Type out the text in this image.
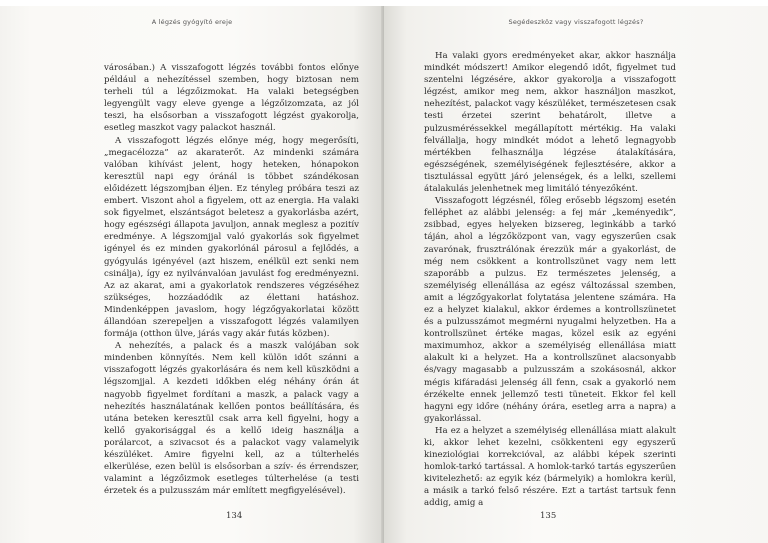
A légzés gyógyító ereje

városában.) A visszafogott légzés további fontos előnye például a nehezítéssel szemben, hogy biztosan nem terheli túl a légzőizmokat. Ha valaki betegségben legyengült vagy eleve gyenge a légzőizomzata, az jól teszi, ha elsősorban a visszafogott légzést gyakorolja, esetleg maszkot vagy palackot használ.

A visszafogott légzés előnye még, hogy megerősíti, „megacélozza” az akaraterőt. Az mindenki számára valóban kihívást jelent, hogy heteken, hónapokon keresztül napi egy óránál is többet szándékosan előidézett légszomjban éljen. Ez tényleg próbára teszi az embert. Viszont ahol a figyelem, ott az energia. Ha valaki sok figyelmet, elszántságot beletesz a gyakorlásba azért, hogy egészségi állapota javuljon, annak meglesz a pozitív eredménye. A légszomjjal való gyakorlás sok figyelmet igényel és ez minden gyakorlónál párosul a fejlődés, a gyógyulás igényével (azt hiszem, enélkül ezt senki nem csinálja), így ez nyilvánvalóan javulást fog eredményezni. Az az akarat, ami a gyakorlatok rendszeres végzéséhez szükséges, hozzáadódik az élettani hatáshoz. Mindenképpen javaslom, hogy légzőgyakorlatai között állandóan szerepeljen a visszafogott légzés valamilyen formája (otthon ülve, járás vagy akár futás közben).

A nehezítés, a palack és a maszk valójában sok mindenben könnyítés. Nem kell külön időt szánni a visszafogott légzés gyakorlására és nem kell küszködni a légszomjjal. A kezdeti időkben elég néhány órán át nagyobb figyelmet fordítani a maszk, a palack vagy a nehezítés használatának kellően pontos beállítására, és utána beteken keresztül csak arra kell figyelni, hogy a kellő gyakorisággal és a kellő ideig használja a porálarcot, a szivacsot és a palackot vagy valamelyik készüléket. Amire figyelni kell, az a túlterhelés elkerülése, ezen belül is elsősorban a szív- és érrendszer, valamint a légzőizmok esetleges túlterhelése (a testi érzetek és a pulzusszám már említett megfigyelésével).

134
Segédeszköz vagy visszafogott légzés?

Ha valaki gyors eredményeket akar, akkor használja mindkét módszert! Amikor elegendő időt, figyelmet tud szentelni légzésére, akkor gyakorolja a visszafogott légzést, amikor meg nem, akkor használjon maszkot, nehezítést, palackot vagy készüléket, természetesen csak testi érzetei szerint behatárolt, illetve a pulzusméréssekkel megállapított mértékig. Ha valaki felvállalja, hogy mindkét módot a lehető legnagyobb mértékben felhasználja légzése átalakítására, egészségének, személyiségének fejlesztésére, akkor a tisztulással együtt járó jelenségek, és a lelki, szellemi átalakulás jelenhetnek meg limitáló tényezőként.

Visszafogott légzésnél, főleg erősebb légszomj esetén felléphet az alábbi jelenség: a fej már „keményedik”, zsibbad, egyes helyeken bizsereg, leginkább a tarkó táján, ahol a légzőközpont van, vagy egyszerűen csak zavarónak, frusztrálónak érezzük már a gyakorlást, de még nem csökkent a kontrollszünet vagy nem lett szaporább a pulzus. Ez természetes jelenség, a személyiség ellenállása az egész változással szemben, amit a légzőgyakorlat folytatása jelentene számára. Ha ez a helyzet kialakul, akkor érdemes a kontrollszünetet és a pulzusszámot megmérni nyugalmi helyzetben. Ha a kontrollszünet értéke magas, közel esik az egyéni maximumhoz, akkor a személyiség ellenállása miatt alakult ki a helyzet. Ha a kontrollszünet alacsonyabb és/vagy magasabb a pulzusszám a szokásosnál, akkor mégis kifáradási jelenség áll fenn, csak a gyakorló nem érzékelte ennek jellemző testi tüneteit. Ekkor fel kell hagyni egy időre (néhány órára, esetleg arra a napra) a gyakorlással.

Ha ez a helyzet a személyiség ellenállása miatt alakult ki, akkor lehet kezelni, csökkenteni egy egyszerű kineziológiai korrekcióval, az alábbi képek szerinti homlok-tarkó tartással. A homlok-tarkó tartás egyszerűen kivitelezhető: az egyik kéz (bármelyik) a homlokra kerül, a másik a tarkó felső részére. Ezt a tartást tartsuk fenn addig, amig a

135
